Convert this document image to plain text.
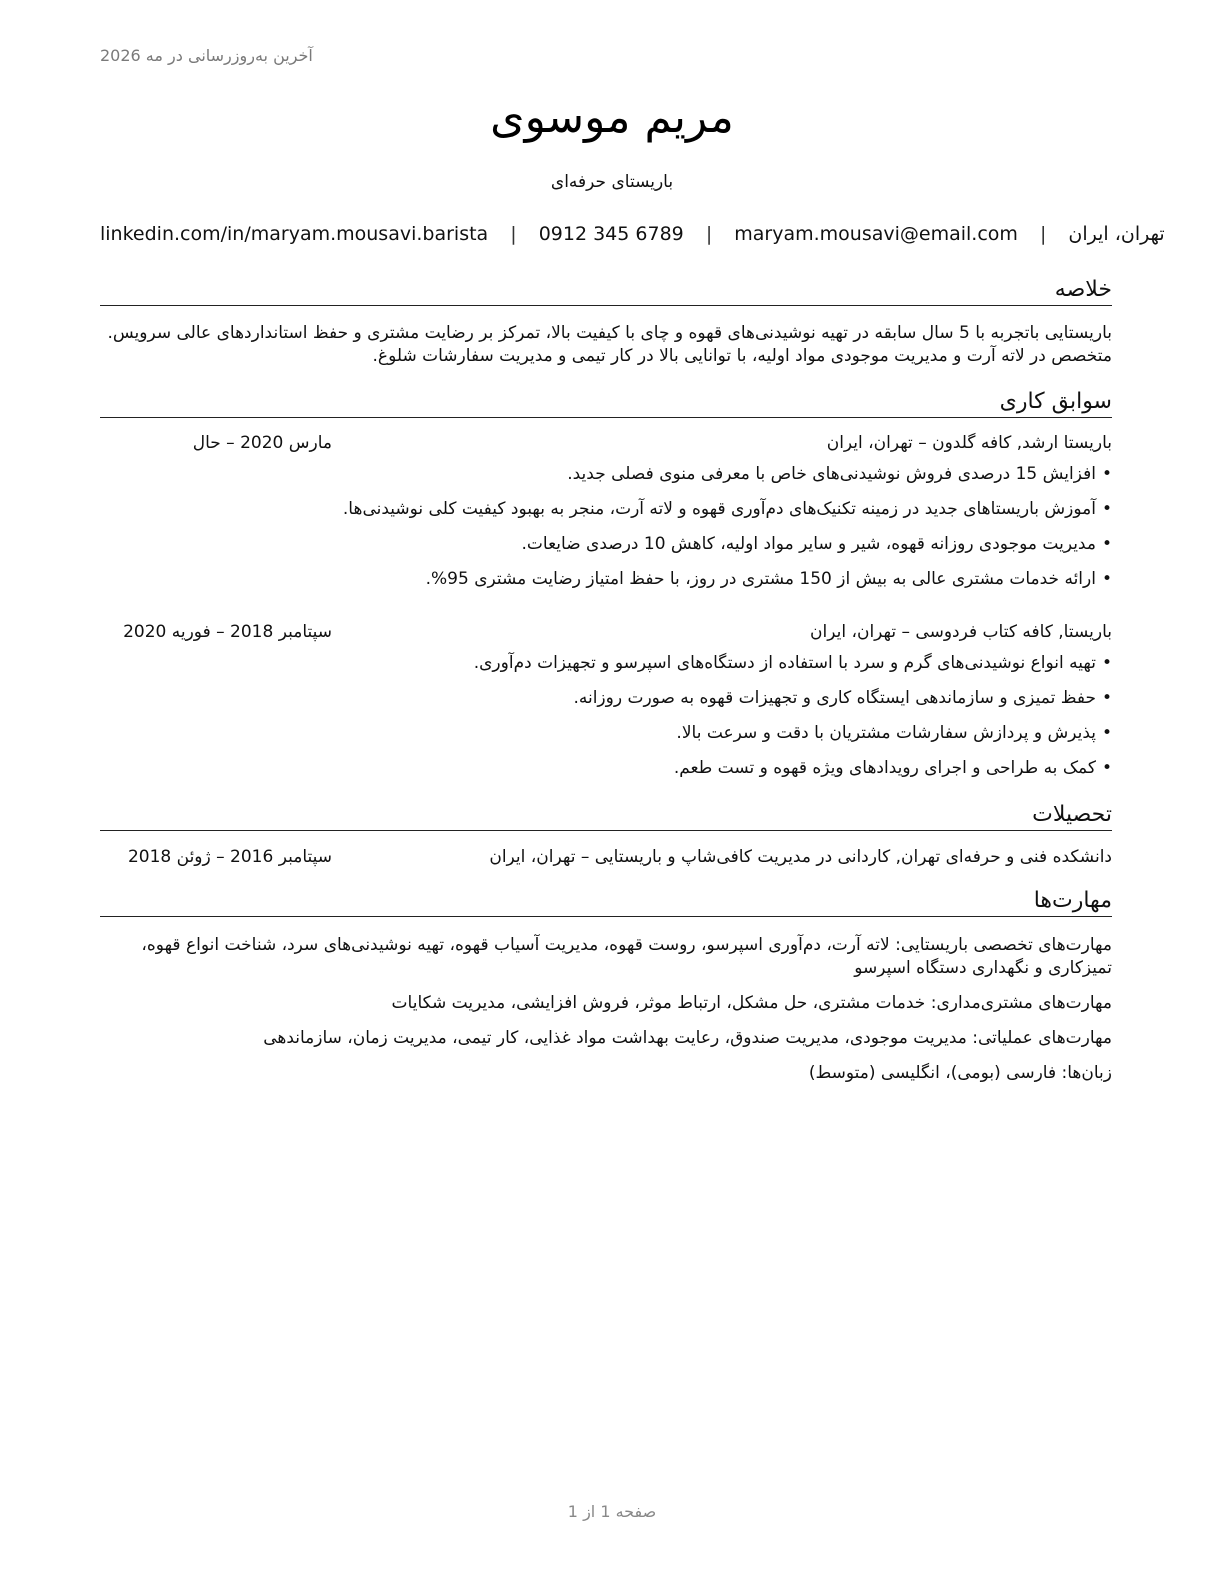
آخرین به‌روزرسانی در مه 2026
مریم موسوی
باریستای حرفه‌ای
linkedin.com/in/maryam.mousavi.barista | 0912 345 6789 | maryam.mousavi@email.com | تهران، ایران
خلاصه
باریستایی باتجربه با 5 سال سابقه در تهیه نوشیدنی‌های قهوه و چای با کیفیت بالا، تمرکز بر رضایت مشتری و حفظ استانداردهای عالی سرویس. متخصص در لاته آرت و مدیریت موجودی مواد اولیه، با توانایی بالا در کار تیمی و مدیریت سفارشات شلوغ.
سوابق کاری
باریستا ارشد, کافه گلدون – تهران، ایران
مارس 2020 – حال
•افزایش 15 درصدی فروش نوشیدنی‌های خاص با معرفی منوی فصلی جدید.
•آموزش باریستاهای جدید در زمینه تکنیک‌های دم‌آوری قهوه و لاته آرت، منجر به بهبود کیفیت کلی نوشیدنی‌ها.
•مدیریت موجودی روزانه قهوه، شیر و سایر مواد اولیه، کاهش 10 درصدی ضایعات.
•ارائه خدمات مشتری عالی به بیش از 150 مشتری در روز، با حفظ امتیاز رضایت مشتری 95%.
باریستا, کافه کتاب فردوسی – تهران، ایران
سپتامبر 2018 – فوریه 2020
•تهیه انواع نوشیدنی‌های گرم و سرد با استفاده از دستگاه‌های اسپرسو و تجهیزات دم‌آوری.
•حفظ تمیزی و سازماندهی ایستگاه کاری و تجهیزات قهوه به صورت روزانه.
•پذیرش و پردازش سفارشات مشتریان با دقت و سرعت بالا.
•کمک به طراحی و اجرای رویدادهای ویژه قهوه و تست طعم.
تحصیلات
دانشکده فنی و حرفه‌ای تهران, کاردانی در مدیریت کافی‌شاپ و باریستایی – تهران، ایران
سپتامبر 2016 – ژوئن 2018
مهارت‌ها
مهارت‌های تخصصی باریستایی: لاته آرت، دم‌آوری اسپرسو، روست قهوه، مدیریت آسیاب قهوه، تهیه نوشیدنی‌های سرد، شناخت انواع قهوه، تمیزکاری و نگهداری دستگاه اسپرسو
مهارت‌های مشتری‌مداری: خدمات مشتری، حل مشکل، ارتباط موثر، فروش افزایشی، مدیریت شکایات
مهارت‌های عملیاتی: مدیریت موجودی، مدیریت صندوق، رعایت بهداشت مواد غذایی، کار تیمی، مدیریت زمان، سازماندهی
زبان‌ها: فارسی (بومی)، انگلیسی (متوسط)
صفحه 1 از 1
